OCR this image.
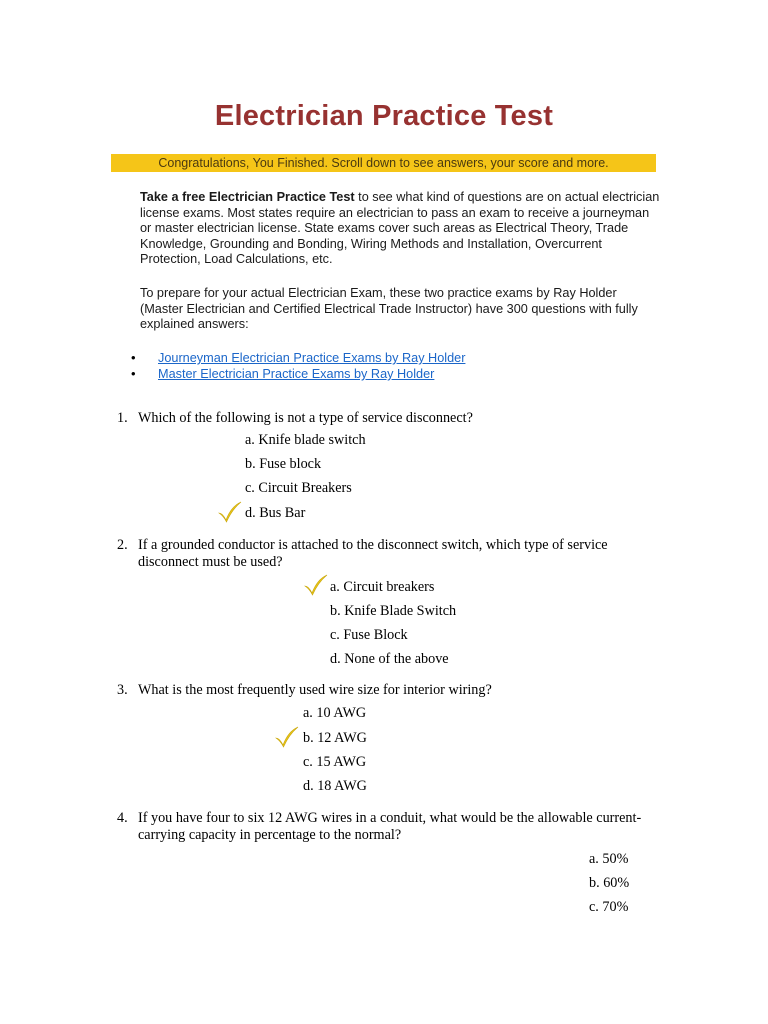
Electrician Practice Test
Congratulations, You Finished. Scroll down to see answers, your score and more.
Take a free Electrician Practice Test to see what kind of questions are on actual electrician license exams. Most states require an electrician to pass an exam to receive a journeyman or master electrician license. State exams cover such areas as Electrical Theory, Trade Knowledge, Grounding and Bonding, Wiring Methods and Installation, Overcurrent Protection, Load Calculations, etc.
To prepare for your actual Electrician Exam, these two practice exams by Ray Holder (Master Electrician and Certified Electrical Trade Instructor) have 300 questions with fully explained answers:
• Journeyman Electrician Practice Exams by Ray Holder
• Master Electrician Practice Exams by Ray Holder
1. Which of the following is not a type of service disconnect?
a. Knife blade switch
b. Fuse block
c. Circuit Breakers
d. Bus Bar
2. If a grounded conductor is attached to the disconnect switch, which type of service disconnect must be used?
a. Circuit breakers
b. Knife Blade Switch
c. Fuse Block
d. None of the above
3. What is the most frequently used wire size for interior wiring?
a. 10 AWG
b. 12 AWG
c. 15 AWG
d. 18 AWG
4. If you have four to six 12 AWG wires in a conduit, what would be the allowable current-carrying capacity in percentage to the normal?
a. 50%
b. 60%
c. 70%
